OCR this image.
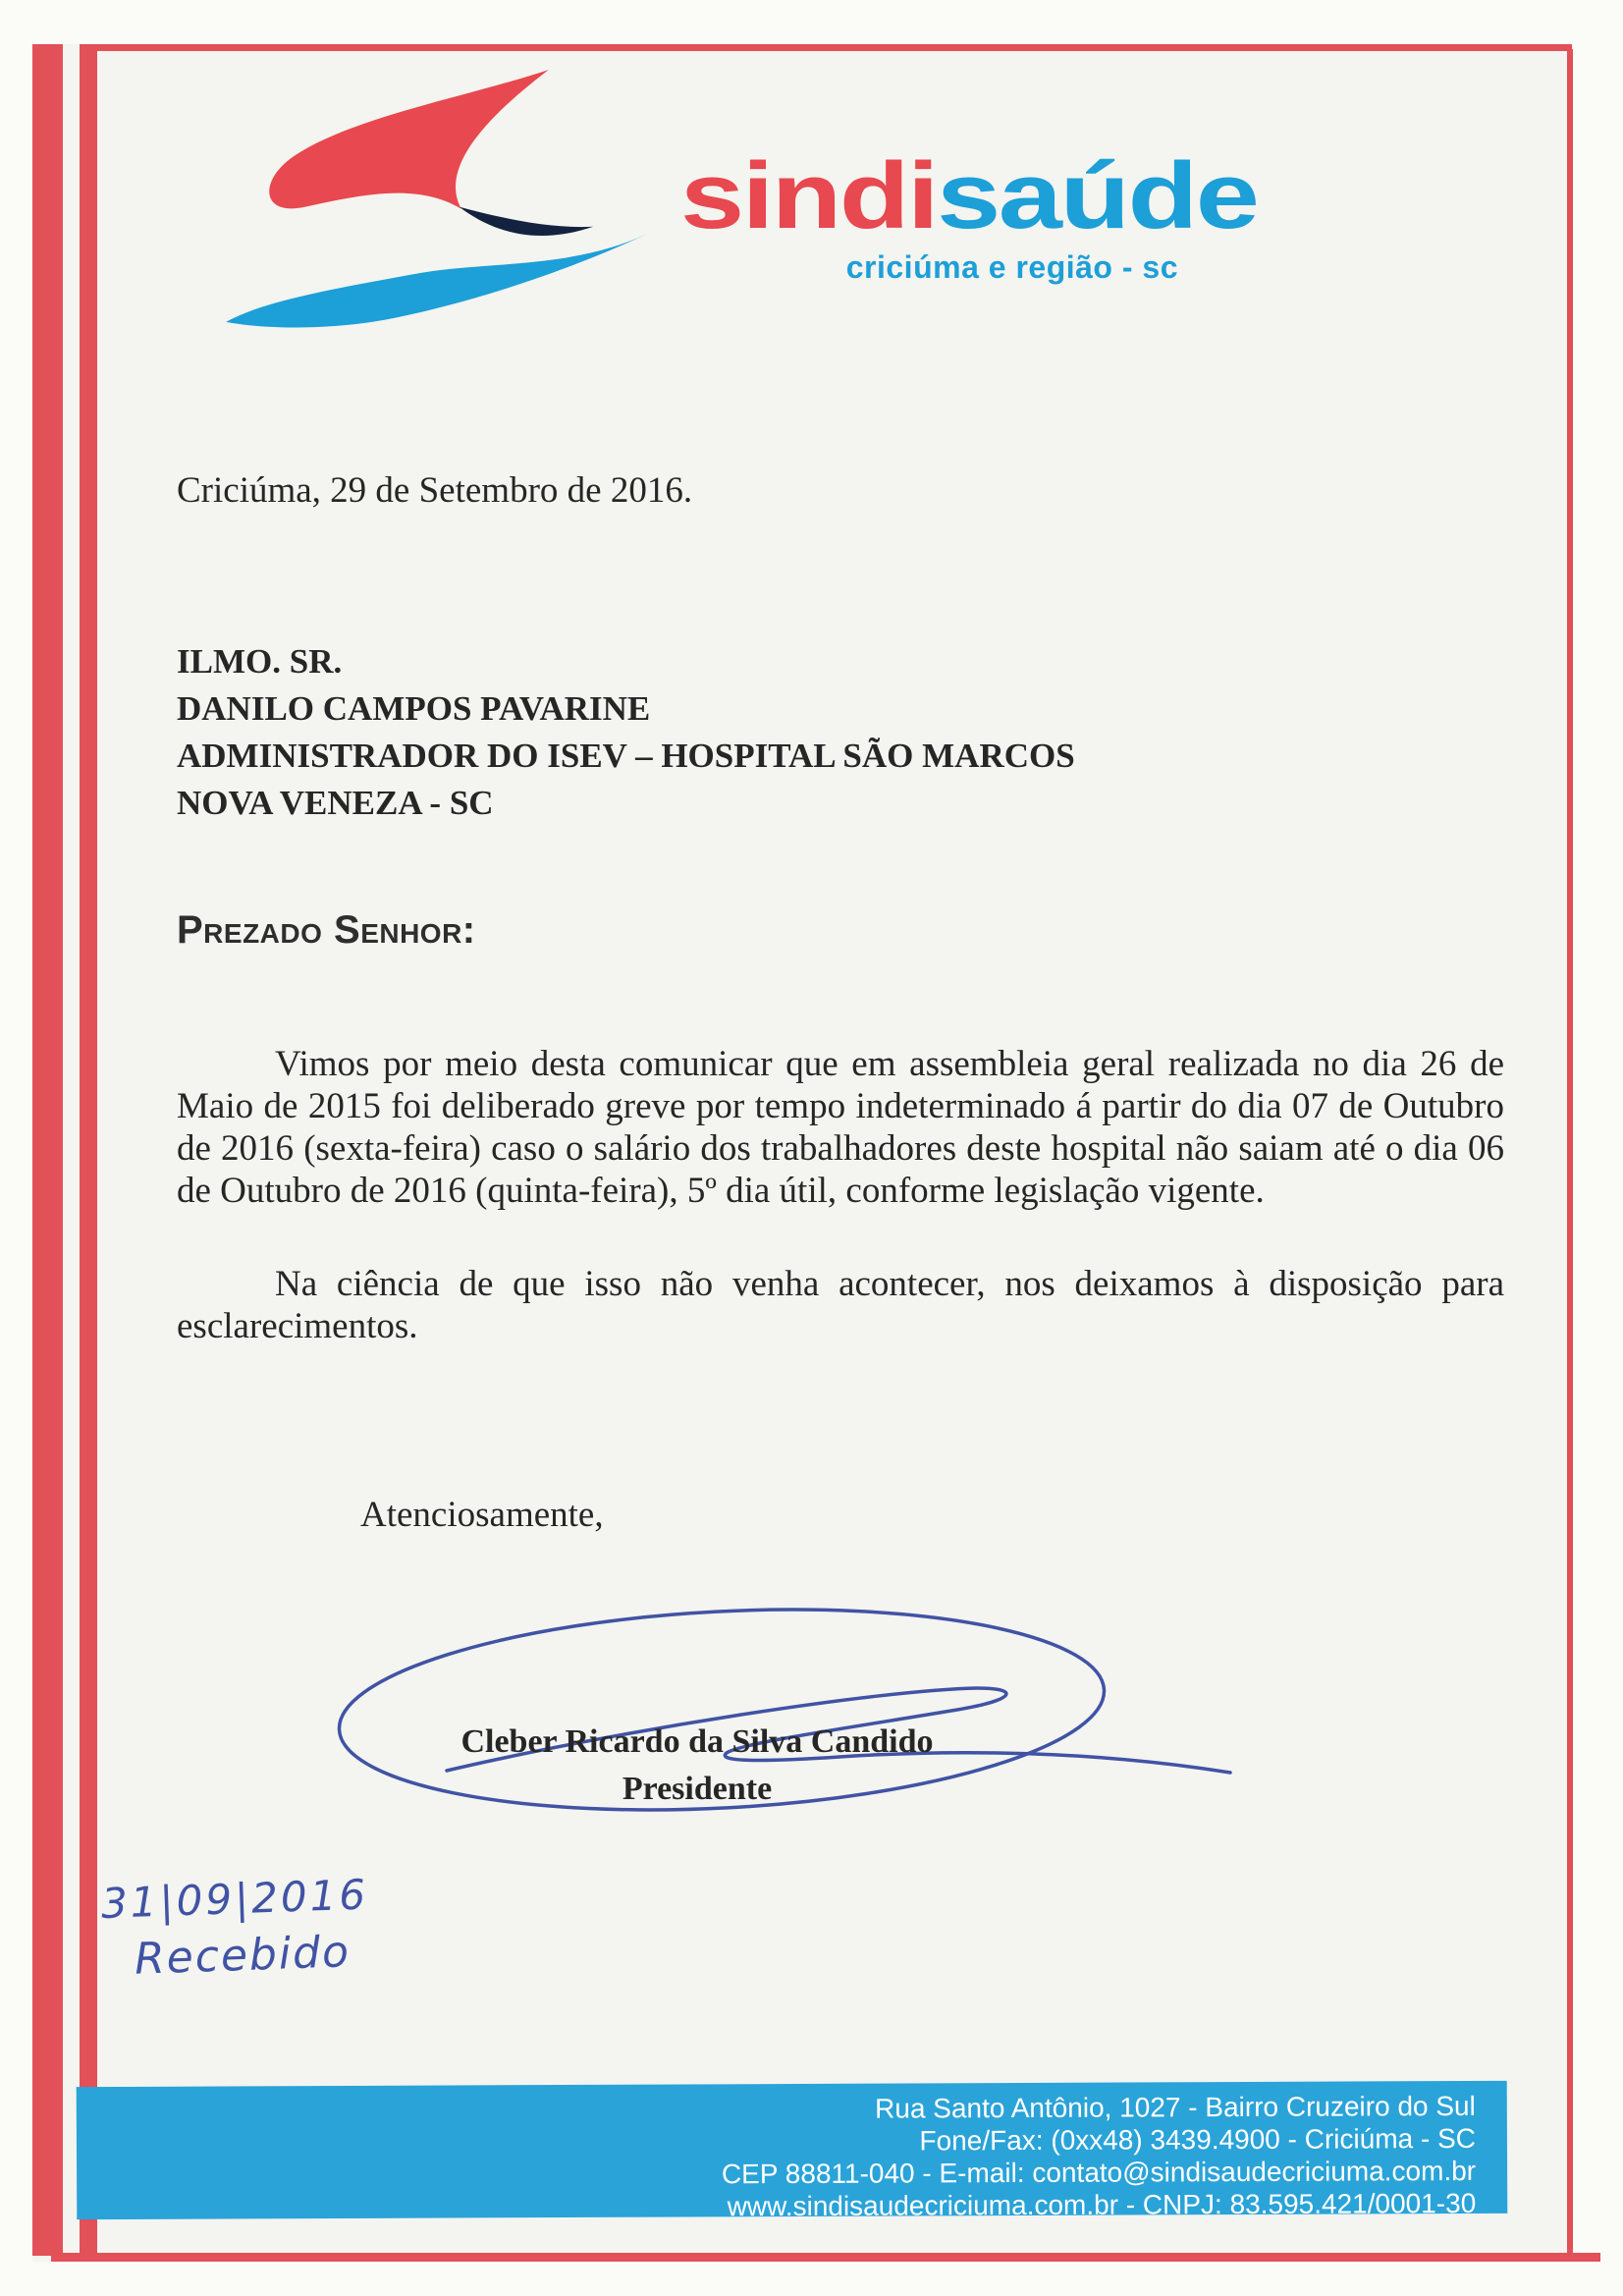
sindisaúde
criciúma e região - sc

Criciúma, 29 de Setembro de 2016.

ILMO. SR.
DANILO CAMPOS PAVARINE
ADMINISTRADOR DO ISEV – HOSPITAL SÃO MARCOS
NOVA VENEZA - SC

Prezado Senhor:

Vimos por meio desta comunicar que em assembleia geral realizada no dia 26 de Maio de 2015 foi deliberado greve por tempo indeterminado á partir do dia 07 de Outubro de 2016 (sexta-feira) caso o salário dos trabalhadores deste hospital não saiam até o dia 06 de Outubro de 2016 (quinta-feira), 5º dia útil, conforme legislação vigente.

Na ciência de que isso não venha acontecer, nos deixamos à disposição para esclarecimentos.

Atenciosamente,

Cleber Ricardo da Silva Candido
Presidente
31|09|2016
Recebido
Rua Santo Antônio, 1027 - Bairro Cruzeiro do Sul
Fone/Fax: (0xx48) 3439.4900 - Criciúma - SC
CEP 88811-040 - E-mail: contato@sindisaudecriciuma.com.br
www.sindisaudecriciuma.com.br - CNPJ: 83.595.421/0001-30
